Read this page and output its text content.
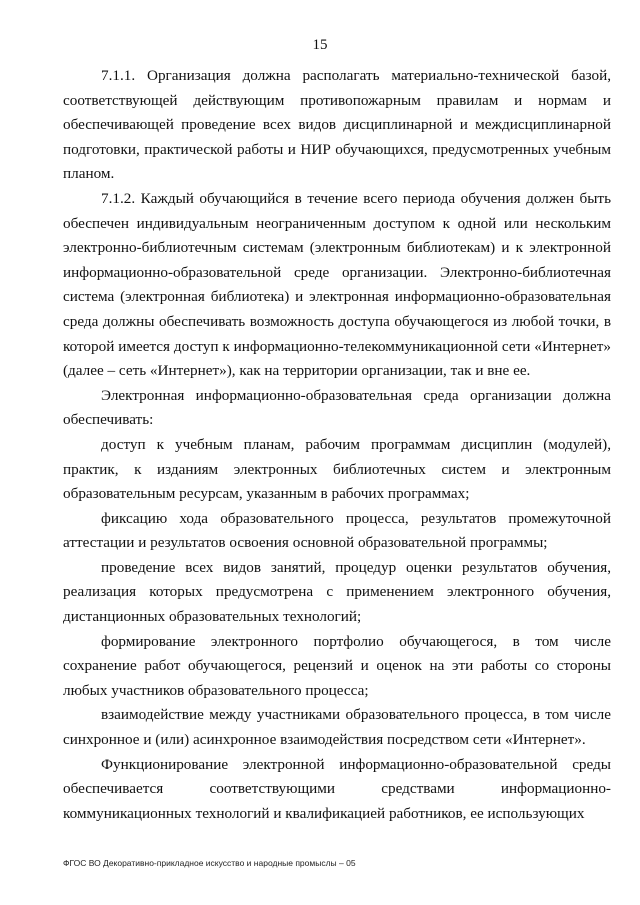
15

7.1.1. Организация должна располагать материально-технической базой, соответствующей действующим противопожарным правилам и нормам и обеспечивающей проведение всех видов дисциплинарной и междисциплинарной подготовки, практической работы и НИР обучающихся, предусмотренных учебным планом.

7.1.2. Каждый обучающийся в течение всего периода обучения должен быть обеспечен индивидуальным неограниченным доступом к одной или нескольким электронно-библиотечным системам (электронным библиотекам) и к электронной информационно-образовательной среде организации. Электронно-библиотечная система (электронная библиотека) и электронная информационно-образовательная среда должны обеспечивать возможность доступа обучающегося из любой точки, в которой имеется доступ к информационно-телекоммуникационной сети «Интернет» (далее – сеть «Интернет»), как на территории организации, так и вне ее.

Электронная информационно-образовательная среда организации должна обеспечивать:

доступ к учебным планам, рабочим программам дисциплин (модулей), практик, к изданиям электронных библиотечных систем и электронным образовательным ресурсам, указанным в рабочих программах;

фиксацию хода образовательного процесса, результатов промежуточной аттестации и результатов освоения основной образовательной программы;

проведение всех видов занятий, процедур оценки результатов обучения, реализация которых предусмотрена с применением электронного обучения, дистанционных образовательных технологий;

формирование электронного портфолио обучающегося, в том числе сохранение работ обучающегося, рецензий и оценок на эти работы со стороны любых участников образовательного процесса;

взаимодействие между участниками образовательного процесса, в том числе синхронное и (или) асинхронное взаимодействия посредством сети «Интернет».

Функционирование электронной информационно-образовательной среды обеспечивается соответствующими средствами информационно-коммуникационных технологий и квалификацией работников, ее использующих

ФГОС ВО Декоративно-прикладное искусство и народные промыслы – 05
